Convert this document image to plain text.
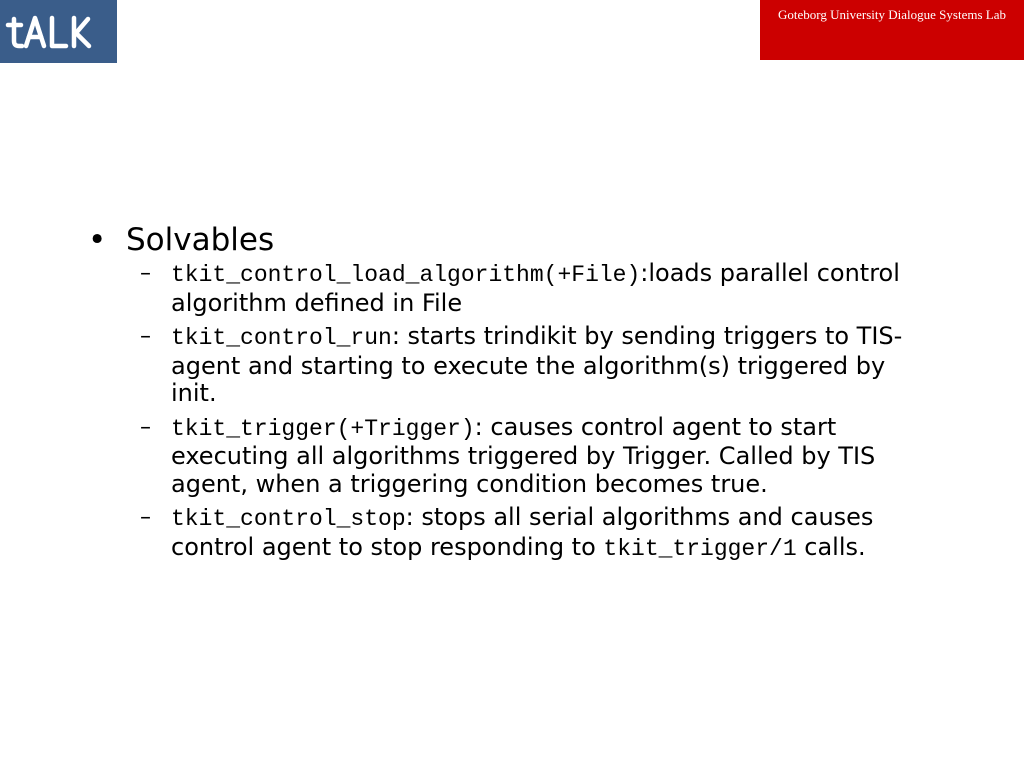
Goteborg University Dialogue Systems Lab
• Solvables
– tkit_control_load_algorithm(+File):loads parallel control algorithm defined in File
– tkit_control_run: starts trindikit by sending triggers to TIS-agent and starting to execute the algorithm(s) triggered by init.
– tkit_trigger(+Trigger): causes control agent to start executing all algorithms triggered by Trigger. Called by TIS agent, when a triggering condition becomes true.
– tkit_control_stop: stops all serial algorithms and causes control agent to stop responding to tkit_trigger/1 calls.
